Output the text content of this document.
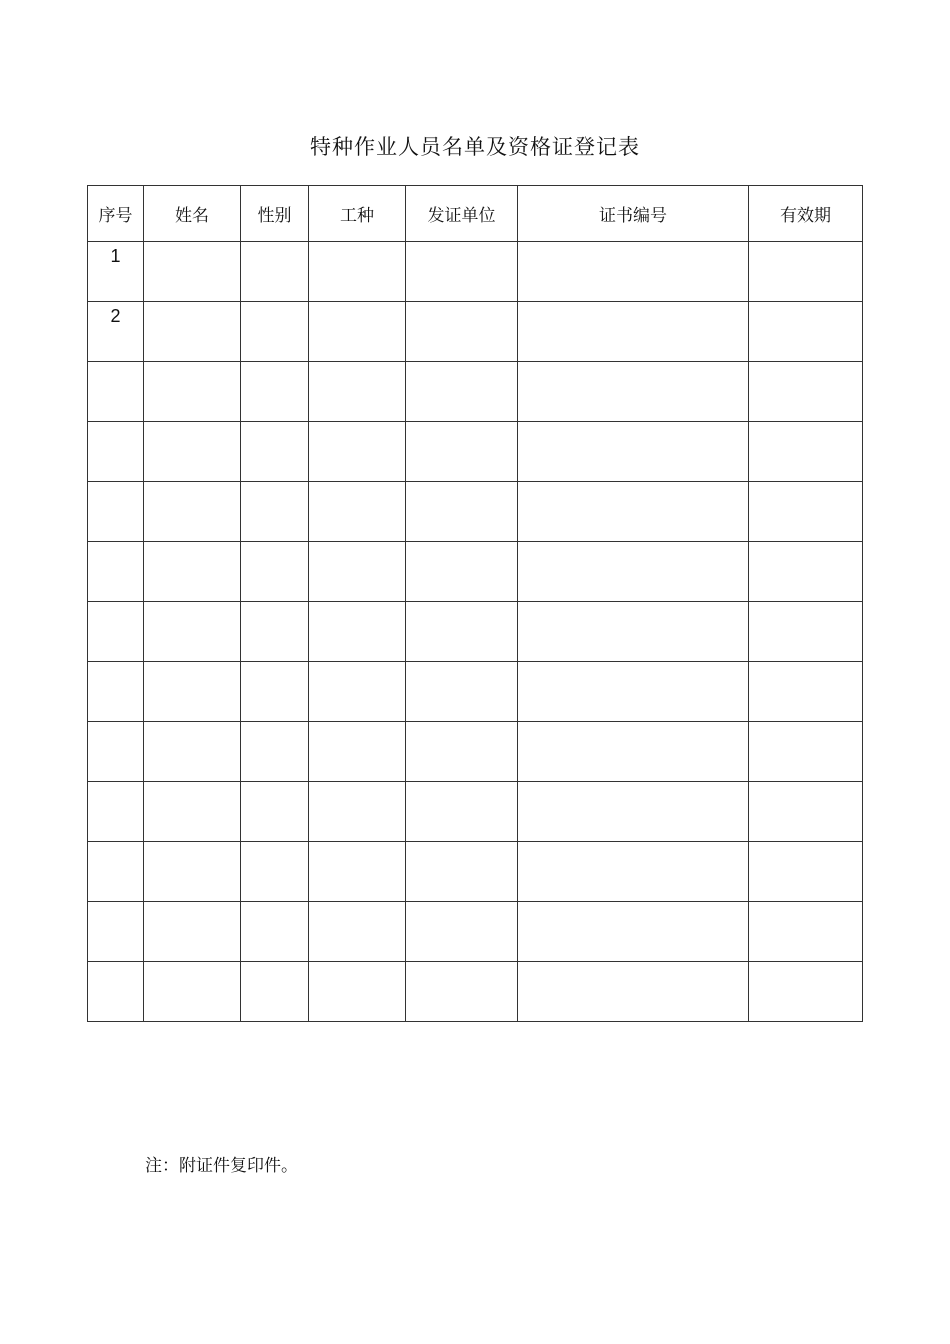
特种作业人员名单及资格证登记表
序号	姓名	性别	工种	发证单位	证书编号	有效期
1						
2						

注：附证件复印件。
